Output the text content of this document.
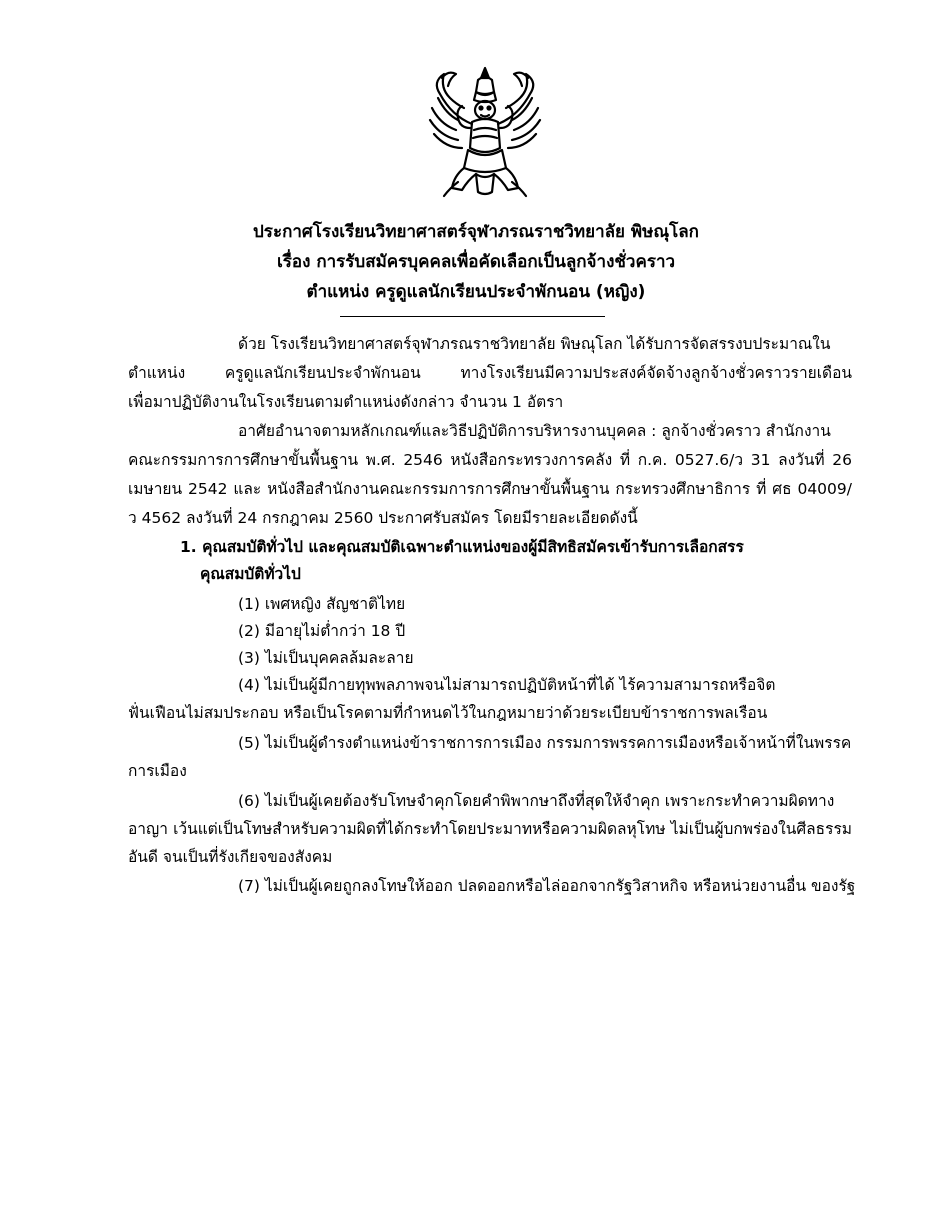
ประกาศโรงเรียนวิทยาศาสตร์จุฬาภรณราชวิทยาลัย พิษณุโลก
เรื่อง การรับสมัครบุคคลเพื่อคัดเลือกเป็นลูกจ้างชั่วคราว
ตำแหน่ง ครูดูแลนักเรียนประจำพักนอน (หญิง)
ด้วย โรงเรียนวิทยาศาสตร์จุฬาภรณราชวิทยาลัย พิษณุโลก ได้รับการจัดสรรงบประมาณใน
ตำแหน่ง ครูดูแลนักเรียนประจำพักนอน ทางโรงเรียนมีความประสงค์จัดจ้างลูกจ้างชั่วคราวรายเดือน
เพื่อมาปฏิบัติงานในโรงเรียนตามตำแหน่งดังกล่าว จำนวน 1 อัตรา
อาศัยอำนาจตามหลักเกณฑ์และวิธีปฏิบัติการบริหารงานบุคคล : ลูกจ้างชั่วคราว สำนักงาน
คณะกรรมการการศึกษาขั้นพื้นฐาน พ.ศ. 2546 หนังสือกระทรวงการคลัง ที่ ก.ค. 0527.6/ว 31 ลงวันที่ 26
เมษายน 2542 และ หนังสือสำนักงานคณะกรรมการการศึกษาขั้นพื้นฐาน กระทรวงศึกษาธิการ ที่ ศธ 04009/
ว 4562 ลงวันที่ 24 กรกฎาคม 2560 ประกาศรับสมัคร โดยมีรายละเอียดดังนี้
1. คุณสมบัติทั่วไป และคุณสมบัติเฉพาะตำแหน่งของผู้มีสิทธิสมัครเข้ารับการเลือกสรร
คุณสมบัติทั่วไป
(1) เพศหญิง สัญชาติไทย
(2) มีอายุไม่ต่ำกว่า 18 ปี
(3) ไม่เป็นบุคคลล้มละลาย
(4) ไม่เป็นผู้มีกายทุพพลภาพจนไม่สามารถปฏิบัติหน้าที่ได้ ไร้ความสามารถหรือจิต
ฟั่นเฟือนไม่สมประกอบ หรือเป็นโรคตามที่กำหนดไว้ในกฎหมายว่าด้วยระเบียบข้าราชการพลเรือน
(5) ไม่เป็นผู้ดำรงตำแหน่งข้าราชการการเมือง กรรมการพรรคการเมืองหรือเจ้าหน้าที่ในพรรค
การเมือง
(6) ไม่เป็นผู้เคยต้องรับโทษจำคุกโดยคำพิพากษาถึงที่สุดให้จำคุก เพราะกระทำความผิดทาง
อาญา เว้นแต่เป็นโทษสำหรับความผิดที่ได้กระทำโดยประมาทหรือความผิดลหุโทษ ไม่เป็นผู้บกพร่องในศีลธรรม
อันดี จนเป็นที่รังเกียจของสังคม
(7) ไม่เป็นผู้เคยถูกลงโทษให้ออก ปลดออกหรือไล่ออกจากรัฐวิสาหกิจ หรือหน่วยงานอื่น ของรัฐ
